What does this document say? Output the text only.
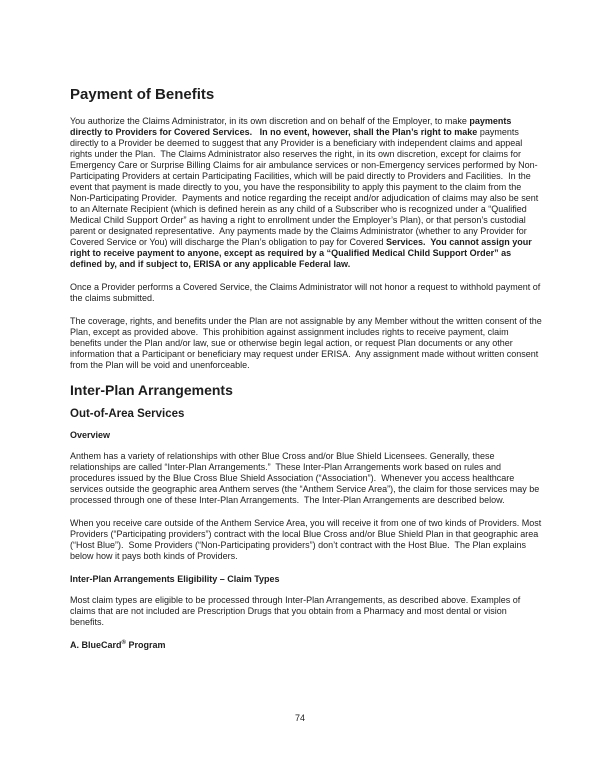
Payment of Benefits

You authorize the Claims Administrator, in its own discretion and on behalf of the Employer, to make payments directly to Providers for Covered Services.   In no event, however, shall the Plan’s right to make payments directly to a Provider be deemed to suggest that any Provider is a beneficiary with independent claims and appeal rights under the Plan.  The Claims Administrator also reserves the right, in its own discretion, except for claims for Emergency Care or Surprise Billing Claims for air ambulance services or non-Emergency services performed by Non-Participating Providers at certain Participating Facilities, which will be paid directly to Providers and Facilities.  In the event that payment is made directly to you, you have the responsibility to apply this payment to the claim from the Non-Participating Provider.  Payments and notice regarding the receipt and/or adjudication of claims may also be sent to an Alternate Recipient (which is defined herein as any child of a Subscriber who is recognized under a “Qualified Medical Child Support Order” as having a right to enrollment under the Employer’s Plan), or that person’s custodial parent or designated representative.  Any payments made by the Claims Administrator (whether to any Provider for Covered Service or You) will discharge the Plan’s obligation to pay for Covered Services.  You cannot assign your right to receive payment to anyone, except as required by a “Qualified Medical Child Support Order” as defined by, and if subject to, ERISA or any applicable Federal law.

Once a Provider performs a Covered Service, the Claims Administrator will not honor a request to withhold payment of the claims submitted.

The coverage, rights, and benefits under the Plan are not assignable by any Member without the written consent of the Plan, except as provided above.  This prohibition against assignment includes rights to receive payment, claim benefits under the Plan and/or law, sue or otherwise begin legal action, or request Plan documents or any other information that a Participant or beneficiary may request under ERISA.  Any assignment made without written consent from the Plan will be void and unenforceable.

Inter-Plan Arrangements
Out-of-Area Services
Overview

Anthem has a variety of relationships with other Blue Cross and/or Blue Shield Licensees. Generally, these relationships are called “Inter-Plan Arrangements.”  These Inter-Plan Arrangements work based on rules and procedures issued by the Blue Cross Blue Shield Association (“Association”).  Whenever you access healthcare services outside the geographic area Anthem serves (the “Anthem Service Area”), the claim for those services may be processed through one of these Inter-Plan Arrangements.  The Inter-Plan Arrangements are described below.

When you receive care outside of the Anthem Service Area, you will receive it from one of two kinds of Providers. Most Providers (“Participating providers”) contract with the local Blue Cross and/or Blue Shield Plan in that geographic area (“Host Blue”).  Some Providers (“Non-Participating providers”) don’t contract with the Host Blue.  The Plan explains below how it pays both kinds of Providers.

Inter-Plan Arrangements Eligibility – Claim Types

Most claim types are eligible to be processed through Inter-Plan Arrangements, as described above. Examples of claims that are not included are Prescription Drugs that you obtain from a Pharmacy and most dental or vision benefits.

A. BlueCard® Program
74
